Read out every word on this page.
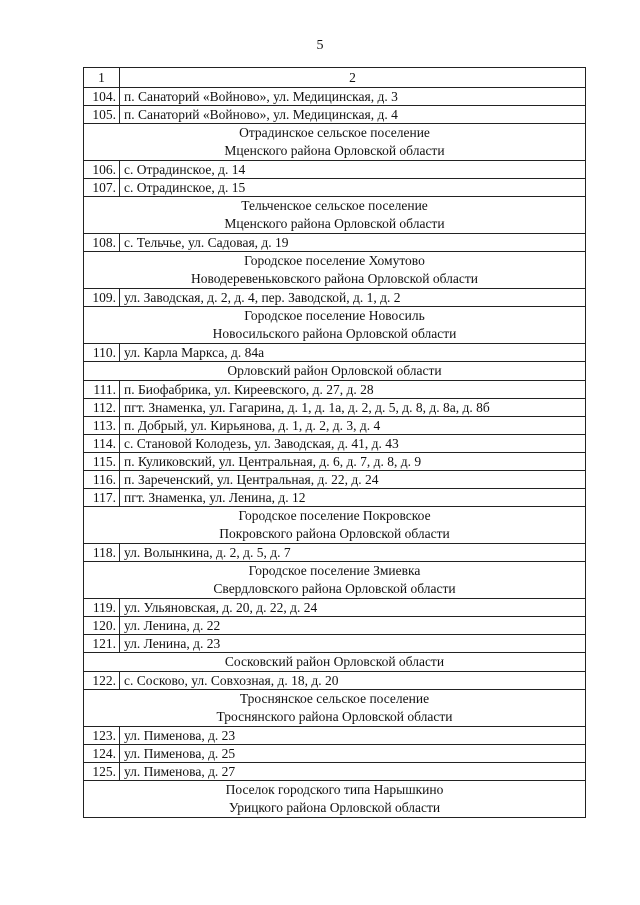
5
1	2
104.	п. Санаторий «Войново», ул. Медицинская, д. 3
105.	п. Санаторий «Войново», ул. Медицинская, д. 4

Отрадинское сельское поселение
Мценского района Орловской области	

106.	с. Отрадинское, д. 14
107.	с. Отрадинское, д. 15

Тельченское сельское поселение
Мценского района Орловской области	

108.	с. Тельчье, ул. Садовая, д. 19

Городское поселение Хомутово
Новодеревеньковского района Орловской области	

109.	ул. Заводская, д. 2, д. 4, пер. Заводской, д. 1, д. 2

Городское поселение Новосиль
Новосильского района Орловской области	

110.	ул. Карла Маркса, д. 84а

Орловский район Орловской области	

111.	п. Биофабрика, ул. Киреевского, д. 27, д. 28
112.	пгт. Знаменка, ул. Гагарина, д. 1, д. 1а, д. 2, д. 5, д. 8, д. 8а, д. 8б
113.	п. Добрый, ул. Кирьянова, д. 1, д. 2, д. 3, д. 4
114.	с. Становой Колодезь, ул. Заводская, д. 41, д. 43
115.	п. Куликовский, ул. Центральная, д. 6, д. 7, д. 8, д. 9
116.	п. Зареченский, ул. Центральная, д. 22, д. 24
117.	пгт. Знаменка, ул. Ленина, д. 12

Городское поселение Покровское
Покровского района Орловской области	

118.	ул. Волынкина, д. 2, д. 5, д. 7

Городское поселение Змиевка
Свердловского района Орловской области	

119.	ул. Ульяновская, д. 20, д. 22, д. 24
120.	ул. Ленина, д. 22
121.	ул. Ленина, д. 23

Сосковский район Орловской области	

122.	с. Сосково, ул. Совхозная, д. 18, д. 20

Троснянское сельское поселение
Троснянского района Орловской области	

123.	ул. Пименова, д. 23
124.	ул. Пименова, д. 25
125.	ул. Пименова, д. 27

Поселок городского типа Нарышкино
Урицкого района Орловской области	
